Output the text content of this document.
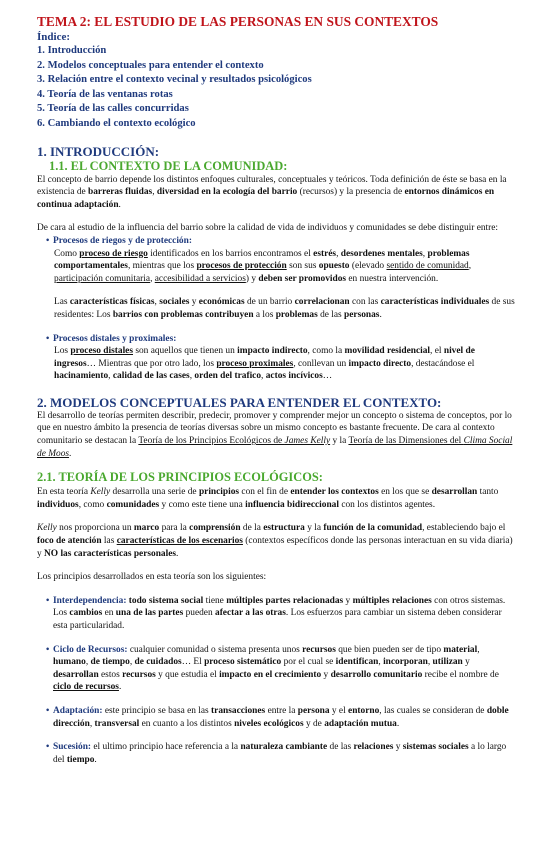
TEMA 2: EL ESTUDIO DE LAS PERSONAS EN SUS CONTEXTOS
Índice:
1. Introducción
2. Modelos conceptuales para entender el contexto
3. Relación entre el contexto vecinal y resultados psicológicos
4. Teoría de las ventanas rotas
5. Teoría de las calles concurridas
6. Cambiando el contexto ecológico
1. INTRODUCCIÓN:
1.1. EL CONTEXTO DE LA COMUNIDAD:

El concepto de barrio depende los distintos enfoques culturales, conceptuales y teóricos. Toda definición de éste se basa en la existencia de barreras fluidas, diversidad en la ecología del barrio (recursos) y la presencia de entornos dinámicos en continua adaptación.

De cara al estudio de la influencia del barrio sobre la calidad de vida de individuos y comunidades se debe distinguir entre:

• Procesos de riegos y de protección:

Como proceso de riesgo identificados en los barrios encontramos el estrés, desordenes mentales, problemas comportamentales, mientras que los procesos de protección son sus opuesto (elevado sentido de comunidad, participación comunitaria, accesibilidad a servicios) y deben ser promovidos en nuestra intervención.

Las características físicas, sociales y económicas de un barrio correlacionan con las características individuales de sus residentes: Los barrios con problemas contribuyen a los problemas de las personas.

• Procesos distales y proximales:

Los proceso distales son aquellos que tienen un impacto indirecto, como la movilidad residencial, el nivel de ingresos… Mientras que por otro lado, los proceso proximales, conllevan un impacto directo, destacándose el hacinamiento, calidad de las cases, orden del trafico, actos incívicos…

2. MODELOS CONCEPTUALES PARA ENTENDER EL CONTEXTO:

El desarrollo de teorías permiten describir, predecir, promover y comprender mejor un concepto o sistema de conceptos, por lo que en nuestro ámbito la presencia de teorías diversas sobre un mismo concepto es bastante frecuente. De cara al contexto comunitario se destacan la Teoría de los Principios Ecológicos de James Kelly y la Teoría de las Dimensiones del Clima Social de Moos.

2.1. TEORÍA DE LOS PRINCIPIOS ECOLÓGICOS:

En esta teoría Kelly desarrolla una serie de principios con el fin de entender los contextos en los que se desarrollan tanto individuos, como comunidades y como este tiene una influencia bidireccional con los distintos agentes.

Kelly nos proporciona un marco para la comprensión de la estructura y la función de la comunidad, estableciendo bajo el foco de atención las características de los escenarios (contextos específicos donde las personas interactuan en su vida diaria) y NO las características personales.

Los principios desarrollados en esta teoría son los siguientes:

• Interdependencia: todo sistema social tiene múltiples partes relacionadas y múltiples relaciones con otros sistemas. Los cambios en una de las partes pueden afectar a las otras. Los esfuerzos para cambiar un sistema deben considerar esta particularidad.
• Ciclo de Recursos: cualquier comunidad o sistema presenta unos recursos que bien pueden ser de tipo material, humano, de tiempo, de cuidados… El proceso sistemático por el cual se identifican, incorporan, utilizan y desarrollan estos recursos y que estudia el impacto en el crecimiento y desarrollo comunitario recibe el nombre de ciclo de recursos.
• Adaptación: este principio se basa en las transacciones entre la persona y el entorno, las cuales se consideran de doble dirección, transversal en cuanto a los distintos niveles ecológicos y de adaptación mutua.
• Sucesión: el ultimo principio hace referencia a la naturaleza cambiante de las relaciones y sistemas sociales a lo largo del tiempo.
